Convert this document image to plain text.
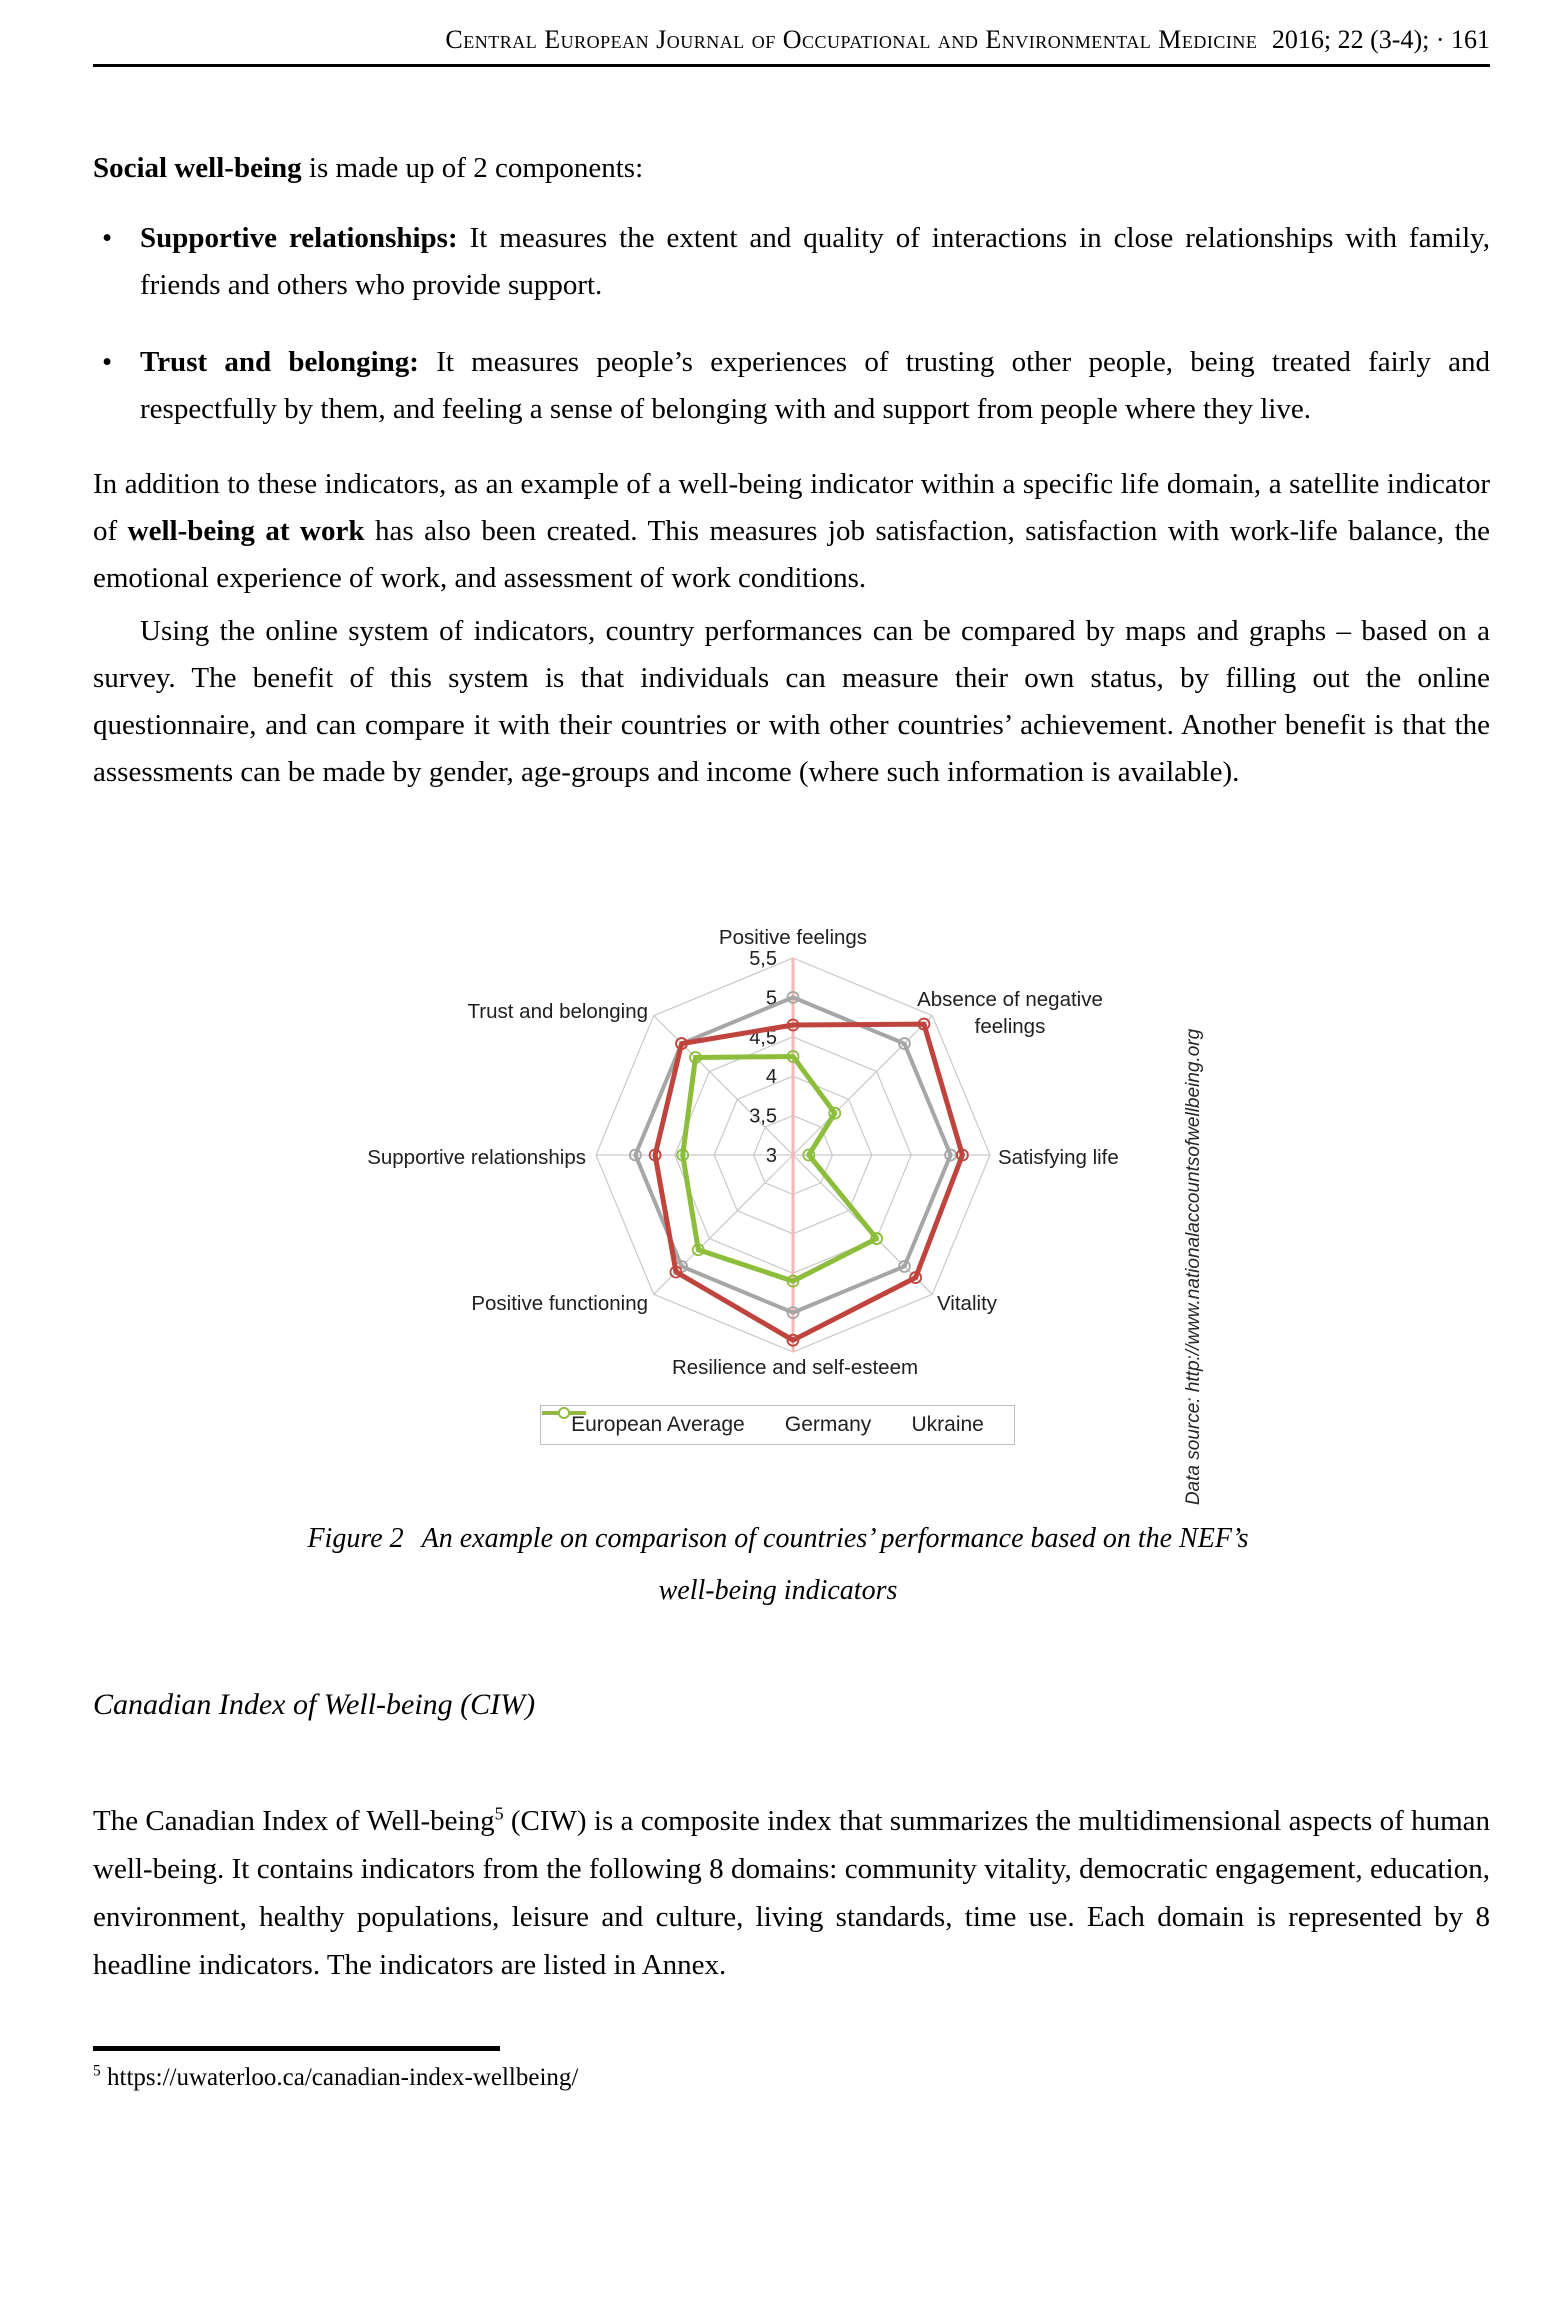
Central European Journal of Occupational and Environmental Medicine 2016; 22 (3-4); · 161

Social well-being is made up of 2 components:

• Supportive relationships: It measures the extent and quality of interactions in close relationships with family, friends and others who provide support.
• Trust and belonging: It measures people’s experiences of trusting other people, being treated fairly and respectfully by them, and feeling a sense of belonging with and support from people where they live.

In addition to these indicators, as an example of a well-being indicator within a specific life domain, a satellite indicator of well-being at work has also been created. This measures job satisfaction, satisfaction with work-life balance, the emotional experience of work, and assessment of work conditions.

Using the online system of indicators, country performances can be compared by maps and graphs – based on a survey. The benefit of this system is that individuals can measure their own status, by filling out the online questionnaire, and can compare it with their countries or with other countries’ achievement. Another benefit is that the assessments can be made by gender, age-groups and income (where such information is available).

3
3,5
4
4,5
5
5,5
Positive feelings
Absence of negative feelings
Satisfying life
Vitality
Resilience and self-esteem
Positive functioning
Supportive relationships
Trust and belonging
European Average Germany Ukraine	Data source: http://www.nationalaccountsofwellbeing.org
Figure 2 An example on comparison of countries’ performance based on the NEF’s
well-being indicators
Canadian Index of Well-being (CIW)

The Canadian Index of Well-being$^5$ (CIW) is a composite index that summarizes the multidimensional aspects of human well-being. It contains indicators from the following 8 domains: community vitality, democratic engagement, education, environment, healthy populations, leisure and culture, living standards, time use. Each domain is represented by 8 headline indicators. The indicators are listed in Annex.

$^5$ https://uwaterloo.ca/canadian-index-wellbeing/
